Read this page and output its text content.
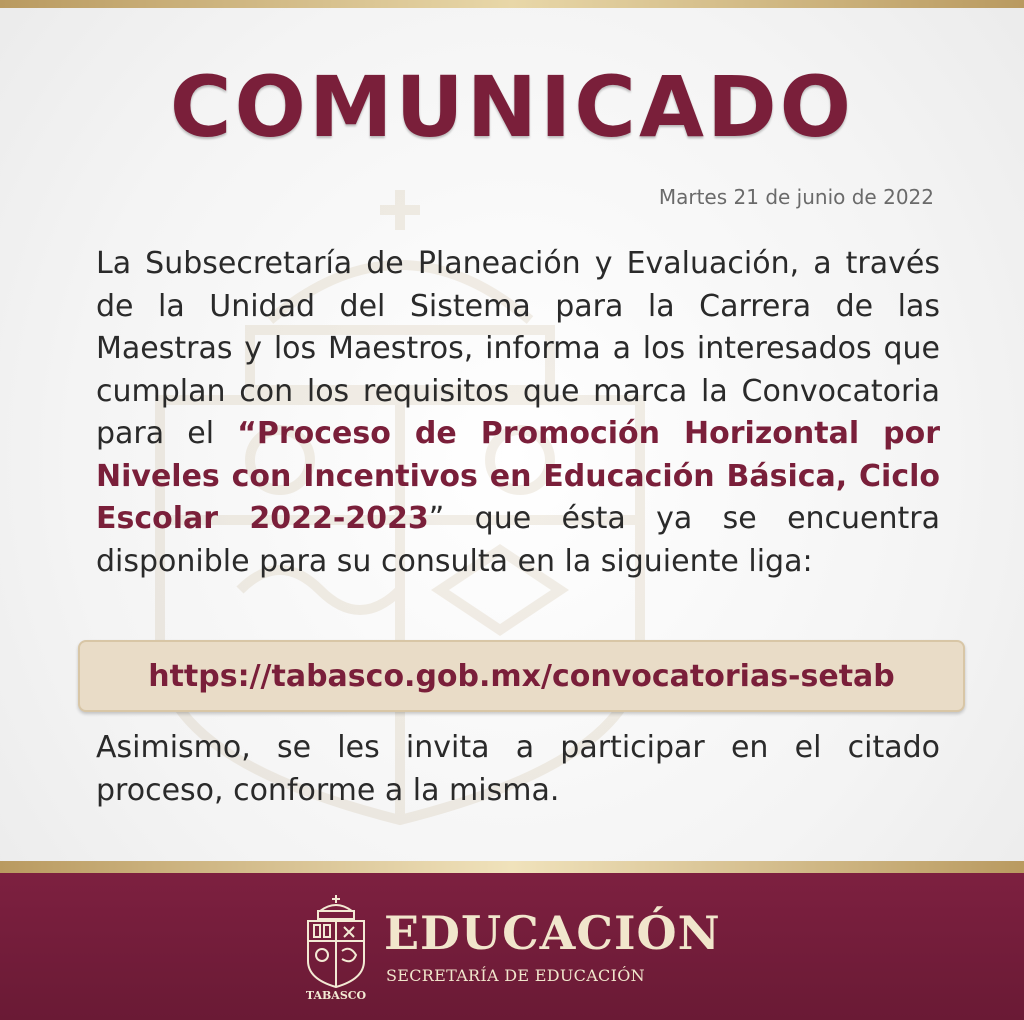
COMUNICADO
Martes 21 de junio de 2022
La Subsecretaría de Planeación y Evaluación, a través de la Unidad del Sistema para la Carrera de las Maestras y los Maestros, informa a los interesados que cumplan con los requisitos que marca la Convocatoria para el “Proceso de Promoción Horizontal por Niveles con Incentivos en Educación Básica, Ciclo Escolar 2022-2023” que ésta ya se encuentra disponible para su consulta en la siguiente liga:
https://tabasco.gob.mx/convocatorias-setab
Asimismo, se les invita a participar en el citado proceso, conforme a la misma.
TABASCO
EDUCACIÓN
SECRETARÍA DE EDUCACIÓN
